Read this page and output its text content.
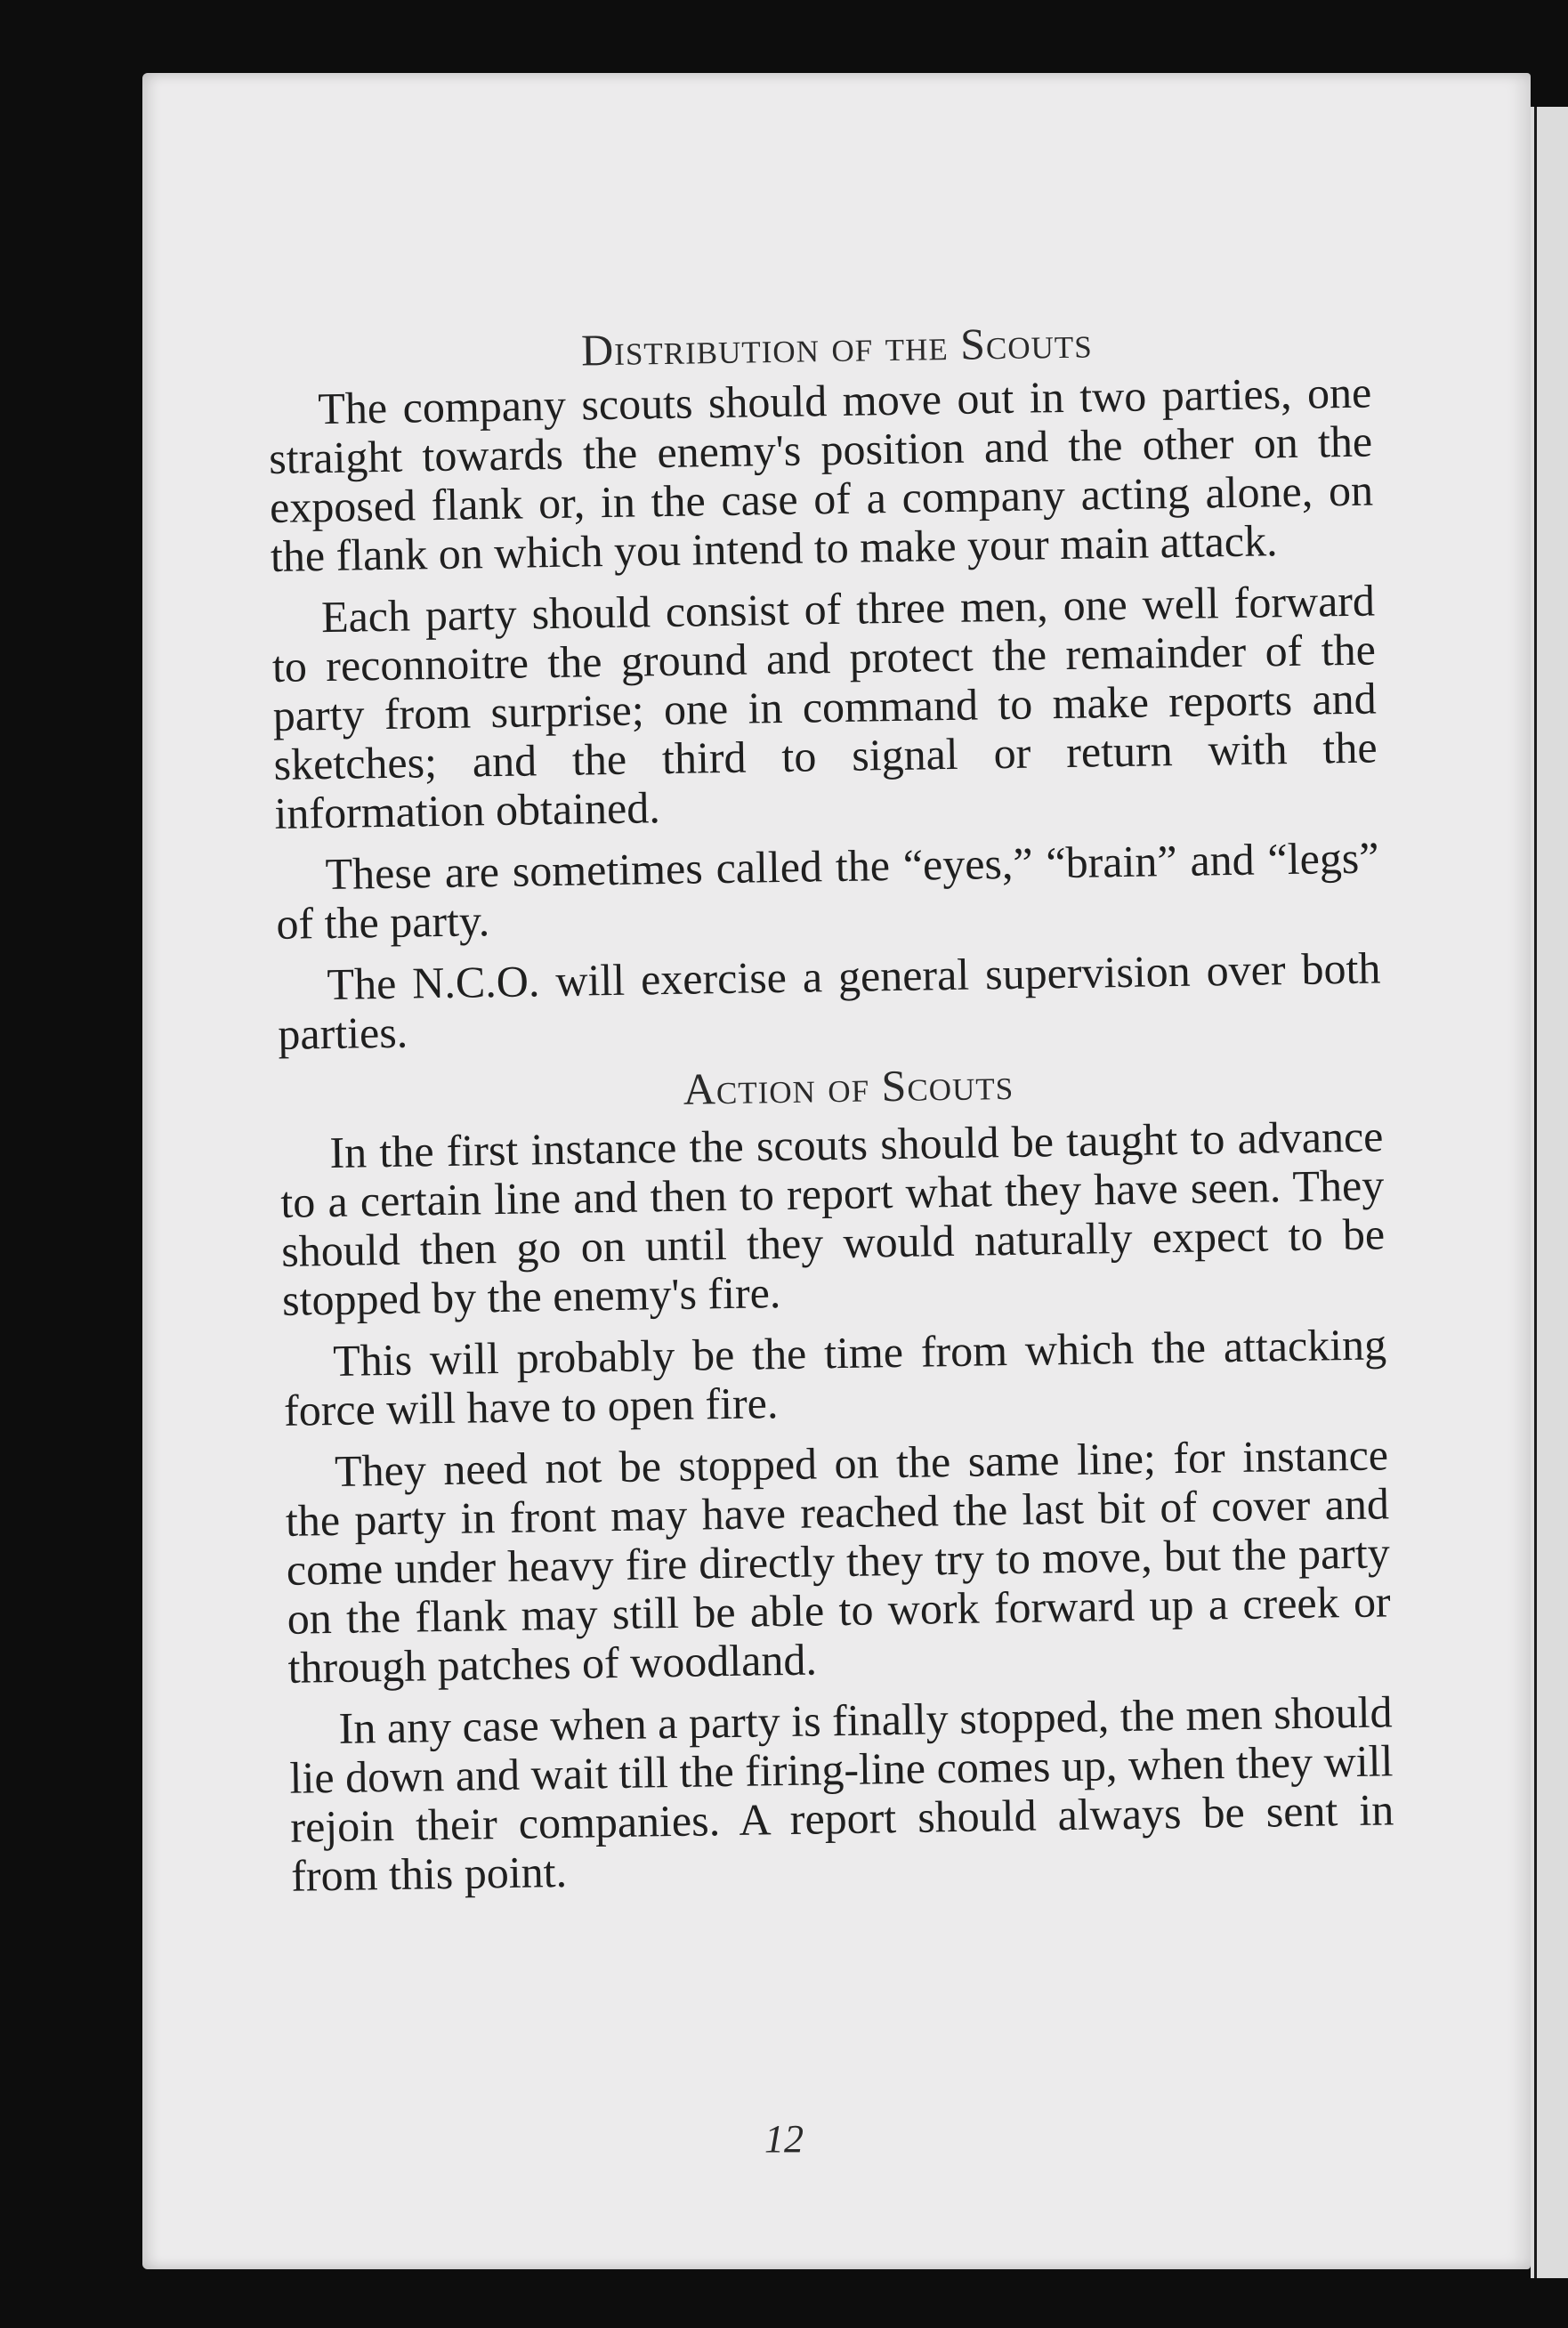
Distribution of the Scouts

The company scouts should move out in two parties, one straight towards the enemy's position and the other on the exposed flank or, in the case of a company acting alone, on the flank on which you intend to make your main attack.

Each party should consist of three men, one well forward to reconnoitre the ground and protect the remainder of the party from surprise; one in command to make reports and sketches; and the third to signal or return with the information obtained.

These are sometimes called the “eyes,” “brain” and “legs” of the party.

The N.C.O. will exercise a general supervision over both parties.

Action of Scouts

In the first instance the scouts should be taught to advance to a certain line and then to report what they have seen. They should then go on until they would naturally expect to be stopped by the enemy's fire.

This will probably be the time from which the attacking force will have to open fire.

They need not be stopped on the same line; for instance the party in front may have reached the last bit of cover and come under heavy fire directly they try to move, but the party on the flank may still be able to work forward up a creek or through patches of woodland.

In any case when a party is finally stopped, the men should lie down and wait till the firing-line comes up, when they will rejoin their companies. A report should always be sent in from this point.

12
